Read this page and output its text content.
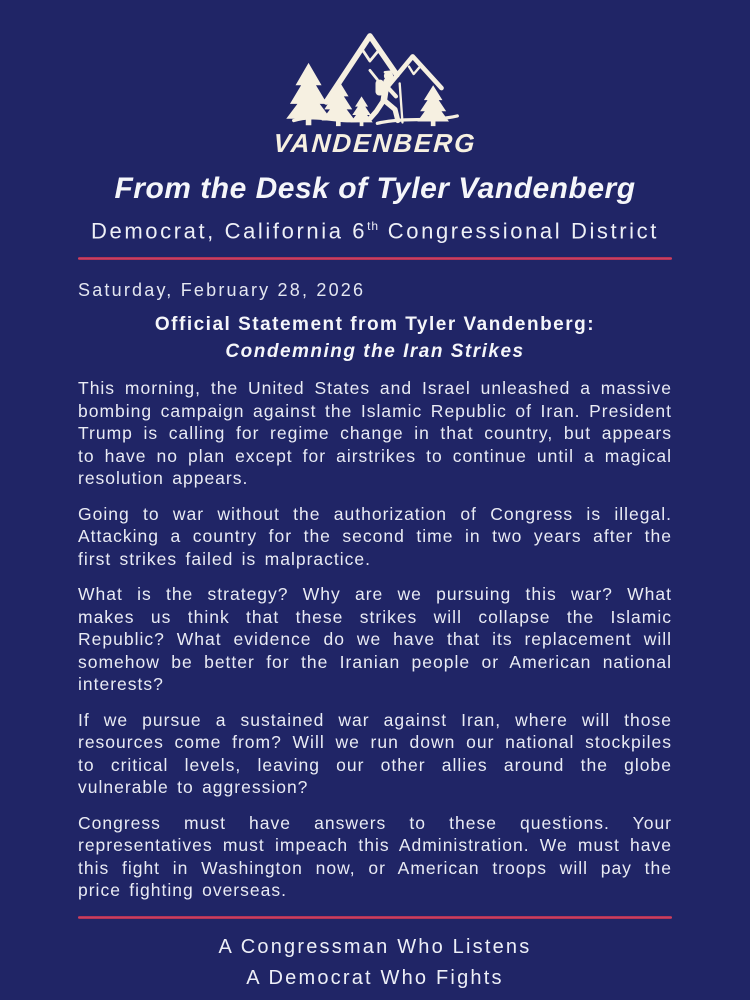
VANDENBERG
From the Desk of Tyler Vandenberg
Democrat, California 6th Congressional District
Saturday, February 28, 2026
Official Statement from Tyler Vandenberg:
Condemning the Iran Strikes

This morning, the United States and Israel unleashed a massive bombing campaign against the Islamic Republic of Iran. President Trump is calling for regime change in that country, but appears to have no plan except for airstrikes to continue until a magical resolution appears.

Going to war without the authorization of Congress is illegal. Attacking a country for the second time in two years after the first strikes failed is malpractice.

What is the strategy? Why are we pursuing this war? What makes us think that these strikes will collapse the Islamic Republic? What evidence do we have that its replacement will somehow be better for the Iranian people or American national interests?

If we pursue a sustained war against Iran, where will those resources come from? Will we run down our national stockpiles to critical levels, leaving our other allies around the globe vulnerable to aggression?

Congress must have answers to these questions. Your representatives must impeach this Administration. We must have this fight in Washington now, or American troops will pay the price fighting overseas.

A Congressman Who Listens
A Democrat Who Fights
